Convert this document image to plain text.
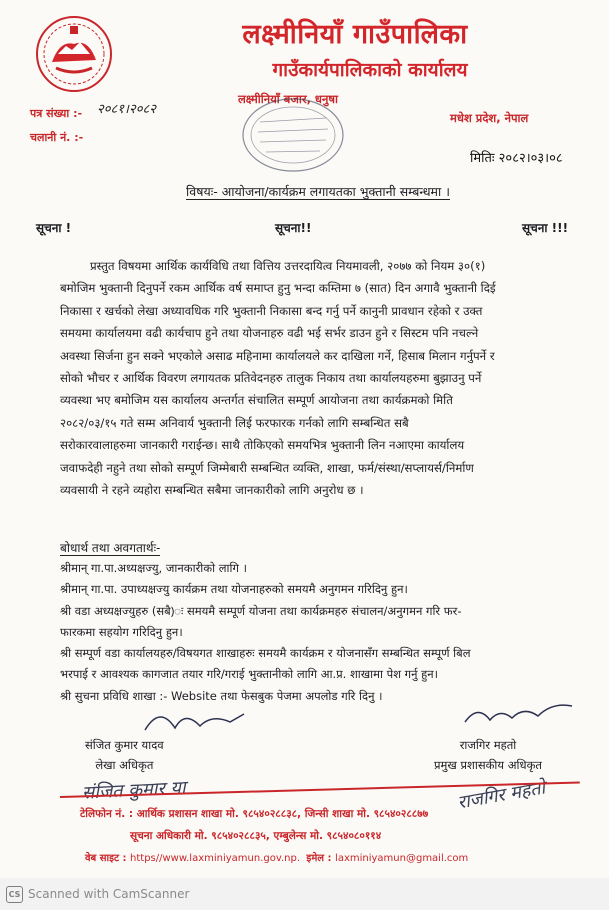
लक्ष्मीनियाँ गाउँपालिका
गाउँकार्यपालिकाको कार्यालय
लक्ष्मीनियाँ बजार, धनुषा
मधेश प्रदेश, नेपाल
पत्र संख्या :- २०८१।२०८२
चलानी नं. :-
मितिः २०८२।०३।०८
विषयः- आयोजना/कार्यक्रम लगायतका भुक्तानी सम्बन्धमा ।
सूचना !	सूचना!!	सूचना !!!
प्रस्तुत विषयमा आर्थिक कार्यविधि तथा वित्तिय उत्तरदायित्व नियमावली, २०७७ को नियम ३०(१)
बमोजिम भुक्तानी दिनुपर्ने रकम आर्थिक वर्ष समाप्त हुनु भन्दा कम्तिमा ७ (सात) दिन अगावै भुक्तानी दिई
निकासा र खर्चको लेखा अध्यावधिक गरि भुक्तानी निकासा बन्द गर्नु पर्ने कानुनी प्रावधान रहेको र उक्त
समयमा कार्यालयमा वढी कार्यचाप हुने तथा योजनाहरु वढी भई सर्भर डाउन हुने र सिस्टम पनि नचल्ने
अवस्था सिर्जना हुन सक्ने भएकोले असाढ महिनामा कार्यालयले कर दाखिला गर्ने, हिसाब मिलान गर्नुपर्ने र
सोको भौचर र आर्थिक विवरण लगायतक प्रतिवेदनहरु तालुक निकाय तथा कार्यालयहरुमा बुझाउनु पर्ने
व्यवस्था भए बमोजिम यस कार्यालय अन्तर्गत संचालित सम्पूर्ण आयोजना तथा कार्यक्रमको मिति
२०८२/०३/१५ गते सम्म अनिवार्य भुक्तानी लिई फरफारक गर्नको लागि सम्बन्धित सबै
सरोकारवालाहरुमा जानकारी गराईन्छ। साथै तोकिएको समयभित्र भुक्तानी लिन नआएमा कार्यालय
जवाफदेही नहुने तथा सोको सम्पूर्ण जिम्मेबारी सम्बन्धित व्यक्ति, शाखा, फर्म/संस्था/सप्लायर्स/निर्माण
व्यवसायी ने रहने व्यहोरा सम्बन्धित सबैमा जानकारीको लागि अनुरोध छ ।
बोधार्थ तथा अवगतार्थः-
श्रीमान् गा.पा.अध्यक्षज्यु, जानकारीको लागि ।
श्रीमान् गा.पा. उपाध्यक्षज्यु कार्यक्रम तथा योजनाहरुको समयमै अनुगमन गरिदिनु हुन।
श्री वडा अध्यक्षज्युहरु (सबै)ः समयमै सम्पूर्ण योजना तथा कार्यक्रमहरु संचालन/अनुगमन गरि फर-
फारकमा सहयोग गरिदिनु हुन।
श्री सम्पूर्ण वडा कार्यालयहरु/विषयगत शाखाहरुः समयमै कार्यक्रम र योजनासँग सम्बन्धित सम्पूर्ण बिल
भरपाई र आवश्यक कागजात तयार गरि/गराई भुक्तानीको लागि आ.प्र. शाखामा पेश गर्नु हुन।
श्री सुचना प्रविधि शाखा :- Website तथा फेसबुक पेजमा अपलोड गरि दिनु ।
संजित कुमार यादव
लेखा अधिकृत
राजगिर महतो
प्रमुख प्रशासकीय अधिकृत
संजित कुमार या	राजगिर महतो
टेलिफोन नं. : आर्थिक प्रशासन शाखा मो. ९८५४०२८८३८, जिन्सी शाखा मो. ९८५४०२८८७७
सूचना अधिकारी मो. ९८५४०२८८३५, एम्बुलेन्स मो. ९८५४०८०११४
वेब साइट : https//www.laxminiyamun.gov.np. इमेल : laxminiyamun@gmail.com
CS Scanned with CamScanner
